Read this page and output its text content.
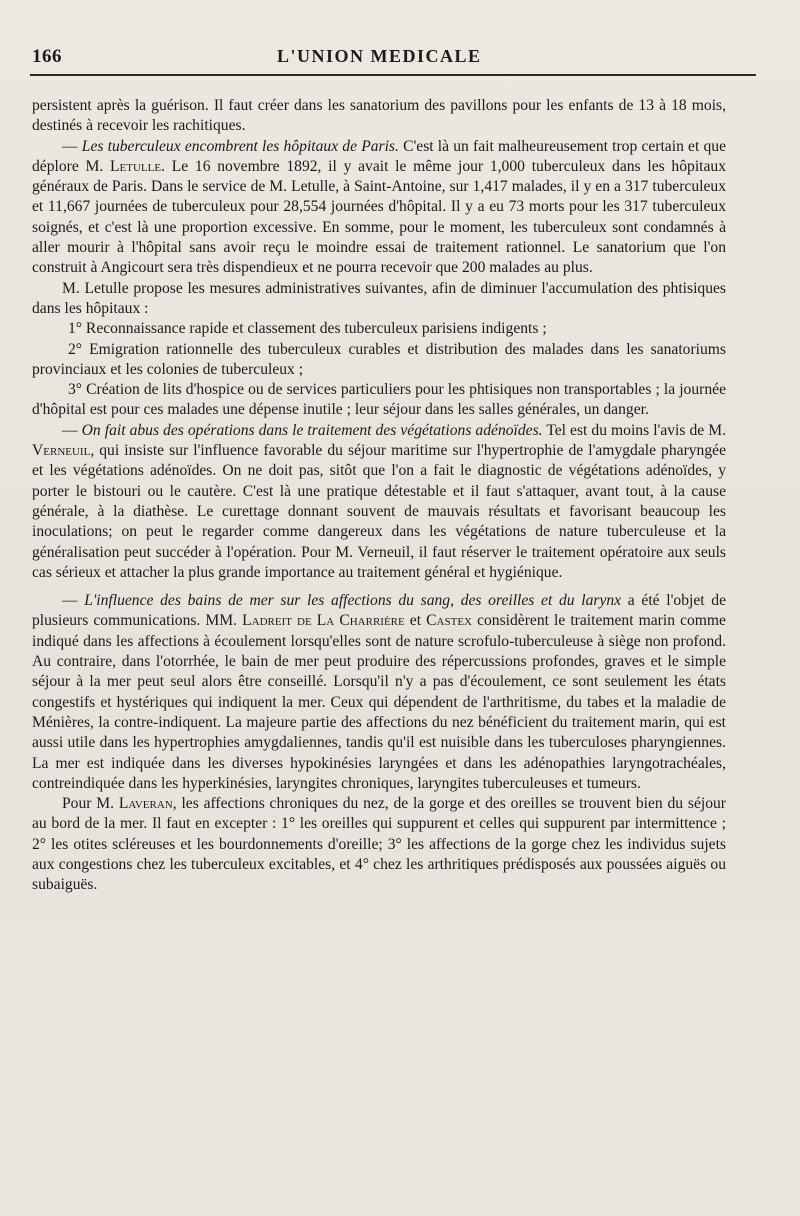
166	L'UNION MEDICALE

persistent après la guérison. Il faut créer dans les sanatorium des pavillons pour les enfants de 13 à 18 mois, destinés à recevoir les rachitiques.

— Les tuberculeux encombrent les hôpitaux de Paris. C'est là un fait malheureusement trop certain et que déplore M. Letulle. Le 16 novembre 1892, il y avait le même jour 1,000 tuberculeux dans les hôpitaux généraux de Paris. Dans le service de M. Letulle, à Saint-Antoine, sur 1,417 malades, il y en a 317 tuberculeux et 11,667 journées de tuberculeux pour 28,554 journées d'hôpital. Il y a eu 73 morts pour les 317 tuberculeux soignés, et c'est là une proportion excessive. En somme, pour le moment, les tuberculeux sont condamnés à aller mourir à l'hôpital sans avoir reçu le moindre essai de traitement rationnel. Le sanatorium que l'on construit à Angicourt sera très dispendieux et ne pourra recevoir que 200 malades au plus.

M. Letulle propose les mesures administratives suivantes, afin de diminuer l'accumulation des phtisiques dans les hôpitaux :

1° Reconnaissance rapide et classement des tuberculeux parisiens indigents ;

2° Emigration rationnelle des tuberculeux curables et distribution des malades dans les sanatoriums provinciaux et les colonies de tuberculeux ;

3° Création de lits d'hospice ou de services particuliers pour les phtisiques non transportables ; la journée d'hôpital est pour ces malades une dépense inutile ; leur séjour dans les salles générales, un danger.

— On fait abus des opérations dans le traitement des végétations adénoïdes. Tel est du moins l'avis de M. Verneuil, qui insiste sur l'influence favorable du séjour maritime sur l'hypertrophie de l'amygdale pharyngée et les végétations adénoïdes. On ne doit pas, sitôt que l'on a fait le diagnostic de végétations adénoïdes, y porter le bistouri ou le cautère. C'est là une pratique détestable et il faut s'attaquer, avant tout, à la cause générale, à la diathèse. Le curettage donnant souvent de mauvais résultats et favorisant beaucoup les inoculations; on peut le regarder comme dangereux dans les végétations de nature tuberculeuse et la généralisation peut succéder à l'opération. Pour M. Verneuil, il faut réserver le traitement opératoire aux seuls cas sérieux et attacher la plus grande importance au traitement général et hygiénique.

— L'influence des bains de mer sur les affections du sang, des oreilles et du larynx a été l'objet de plusieurs communications. MM. Ladreit de La Charrière et Castex considèrent le traitement marin comme indiqué dans les affections à écoulement lorsqu'elles sont de nature scrofulo-tuberculeuse à siège non profond. Au contraire, dans l'otorrhée, le bain de mer peut produire des répercussions profondes, graves et le simple séjour à la mer peut seul alors être conseillé. Lorsqu'il n'y a pas d'écoulement, ce sont seulement les états congestifs et hystériques qui indiquent la mer. Ceux qui dépendent de l'arthritisme, du tabes et la maladie de Ménières, la contre-indiquent. La majeure partie des affections du nez bénéficient du traitement marin, qui est aussi utile dans les hypertrophies amygdaliennes, tandis qu'il est nuisible dans les tuberculoses pharyngiennes. La mer est indiquée dans les diverses hypokinésies laryngées et dans les adénopathies laryngotrachéales, contreindiquée dans les hyperkinésies, laryngites chroniques, laryngites tuberculeuses et tumeurs.

Pour M. Laveran, les affections chroniques du nez, de la gorge et des oreilles se trouvent bien du séjour au bord de la mer. Il faut en excepter : 1° les oreilles qui suppurent et celles qui suppurent par intermittence ; 2° les otites scléreuses et les bourdonnements d'oreille; 3° les affections de la gorge chez les individus sujets aux congestions chez les tuberculeux excitables, et 4° chez les arthritiques prédisposés aux poussées aiguës ou subaiguës.
